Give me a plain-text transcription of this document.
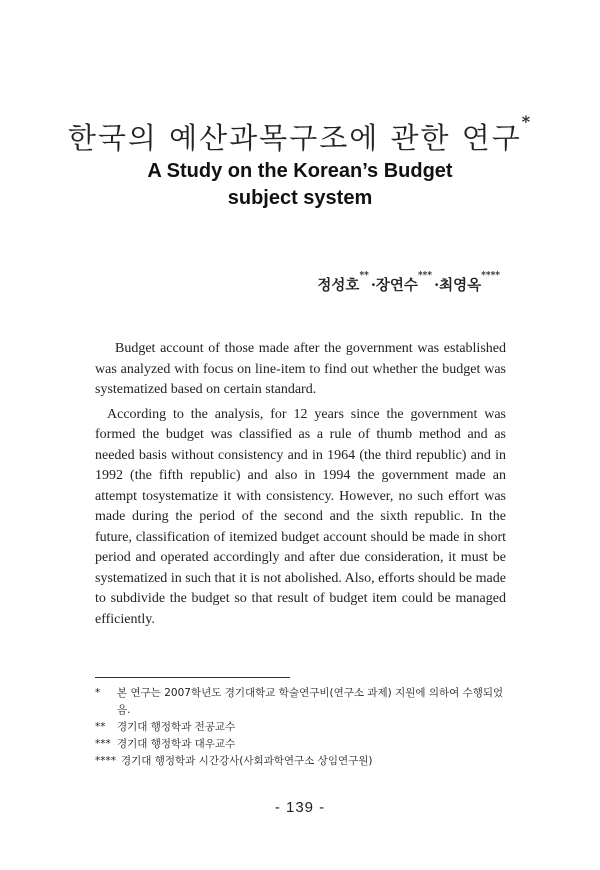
한국의 예산과목구조에 관한 연구*
A Study on the Korean’s Budget
subject system
정성호**·장연수***·최영옥****

Budget account of those made after the government was established was analyzed with focus on line-item to find out whether the budget was systematized based on certain standard.

According to the analysis, for 12 years since the government was formed the budget was classified as a rule of thumb method and as needed basis without consistency and in 1964 (the third republic) and in 1992 (the fifth republic) and also in 1994 the government made an attempt tosystematize it with consistency. However, no such effort was made during the period of the second and the sixth republic. In the future, classification of itemized budget account should be made in short period and operated accordingly and after due consideration, it must be systematized in such that it is not abolished. Also, efforts should be made to subdivide the budget so that result of budget item could be managed efficiently.

*	본 연구는 2007학년도 경기대학교 학술연구비(연구소 과제) 지원에 의하여 수행되었음.
**	경기대 행정학과 전공교수
*** 경기대 행정학과 대우교수
**** 경기대 행정학과 시간강사(사회과학연구소 상임연구원)
- 139 -
